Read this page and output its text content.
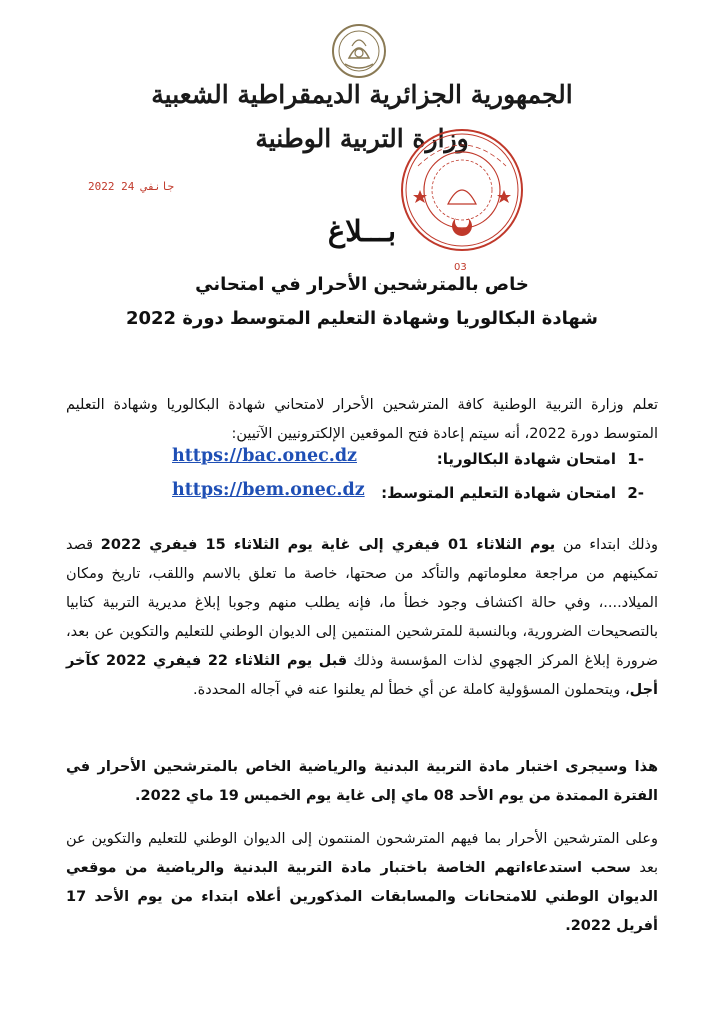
الجمهورية الجزائرية الديمقراطية الشعبية
وزارة التربية الوطنية
2022 جانفي 24
03
بـــلاغ
خاص بالمترشحين الأحرار في امتحاني
شهادة البكالوريا وشهادة التعليم المتوسط دورة 2022

تعلم وزارة التربية الوطنية كافة المترشحين الأحرار لامتحاني شهادة البكالوريا وشهادة التعليم المتوسط دورة 2022، أنه سيتم إعادة فتح الموقعين الإلكترونيين الآتيين:

-1
امتحان شهادة البكالوريا:
https://bac.onec.dz
-2
امتحان شهادة التعليم المتوسط:
https://bem.onec.dz

وذلك ابتداء من يوم الثلاثاء 01 فيفري إلى غاية يوم الثلاثاء 15 فيفري 2022 قصد تمكينهم من مراجعة معلوماتهم والتأكد من صحتها، خاصة ما تعلق بالاسم واللقب، تاريخ ومكان الميلاد....، وفي حالة اكتشاف وجود خطأ ما، فإنه يطلب منهم وجوبا إبلاغ مديرية التربية كتابيا بالتصحيحات الضرورية، وبالنسبة للمترشحين المنتمين إلى الديوان الوطني للتعليم والتكوين عن بعد، ضرورة إبلاغ المركز الجهوي لذات المؤسسة وذلك قبل يوم الثلاثاء 22 فيفري 2022 كآخر أجل، ويتحملون المسؤولية كاملة عن أي خطأ لم يعلنوا عنه في آجاله المحددة.

هذا وسيجرى اختبار مادة التربية البدنية والرياضية الخاص بالمترشحين الأحرار في الفترة الممتدة من يوم الأحد 08 ماي إلى غاية يوم الخميس 19 ماي 2022.

وعلى المترشحين الأحرار بما فيهم المترشحون المنتمون إلى الديوان الوطني للتعليم والتكوين عن بعد سحب استدعاءاتهم الخاصة باختبار مادة التربية البدنية والرياضية من موقعي الديوان الوطني للامتحانات والمسابقات المذكورين أعلاه ابتداء من يوم الأحد 17 أفريل 2022.
